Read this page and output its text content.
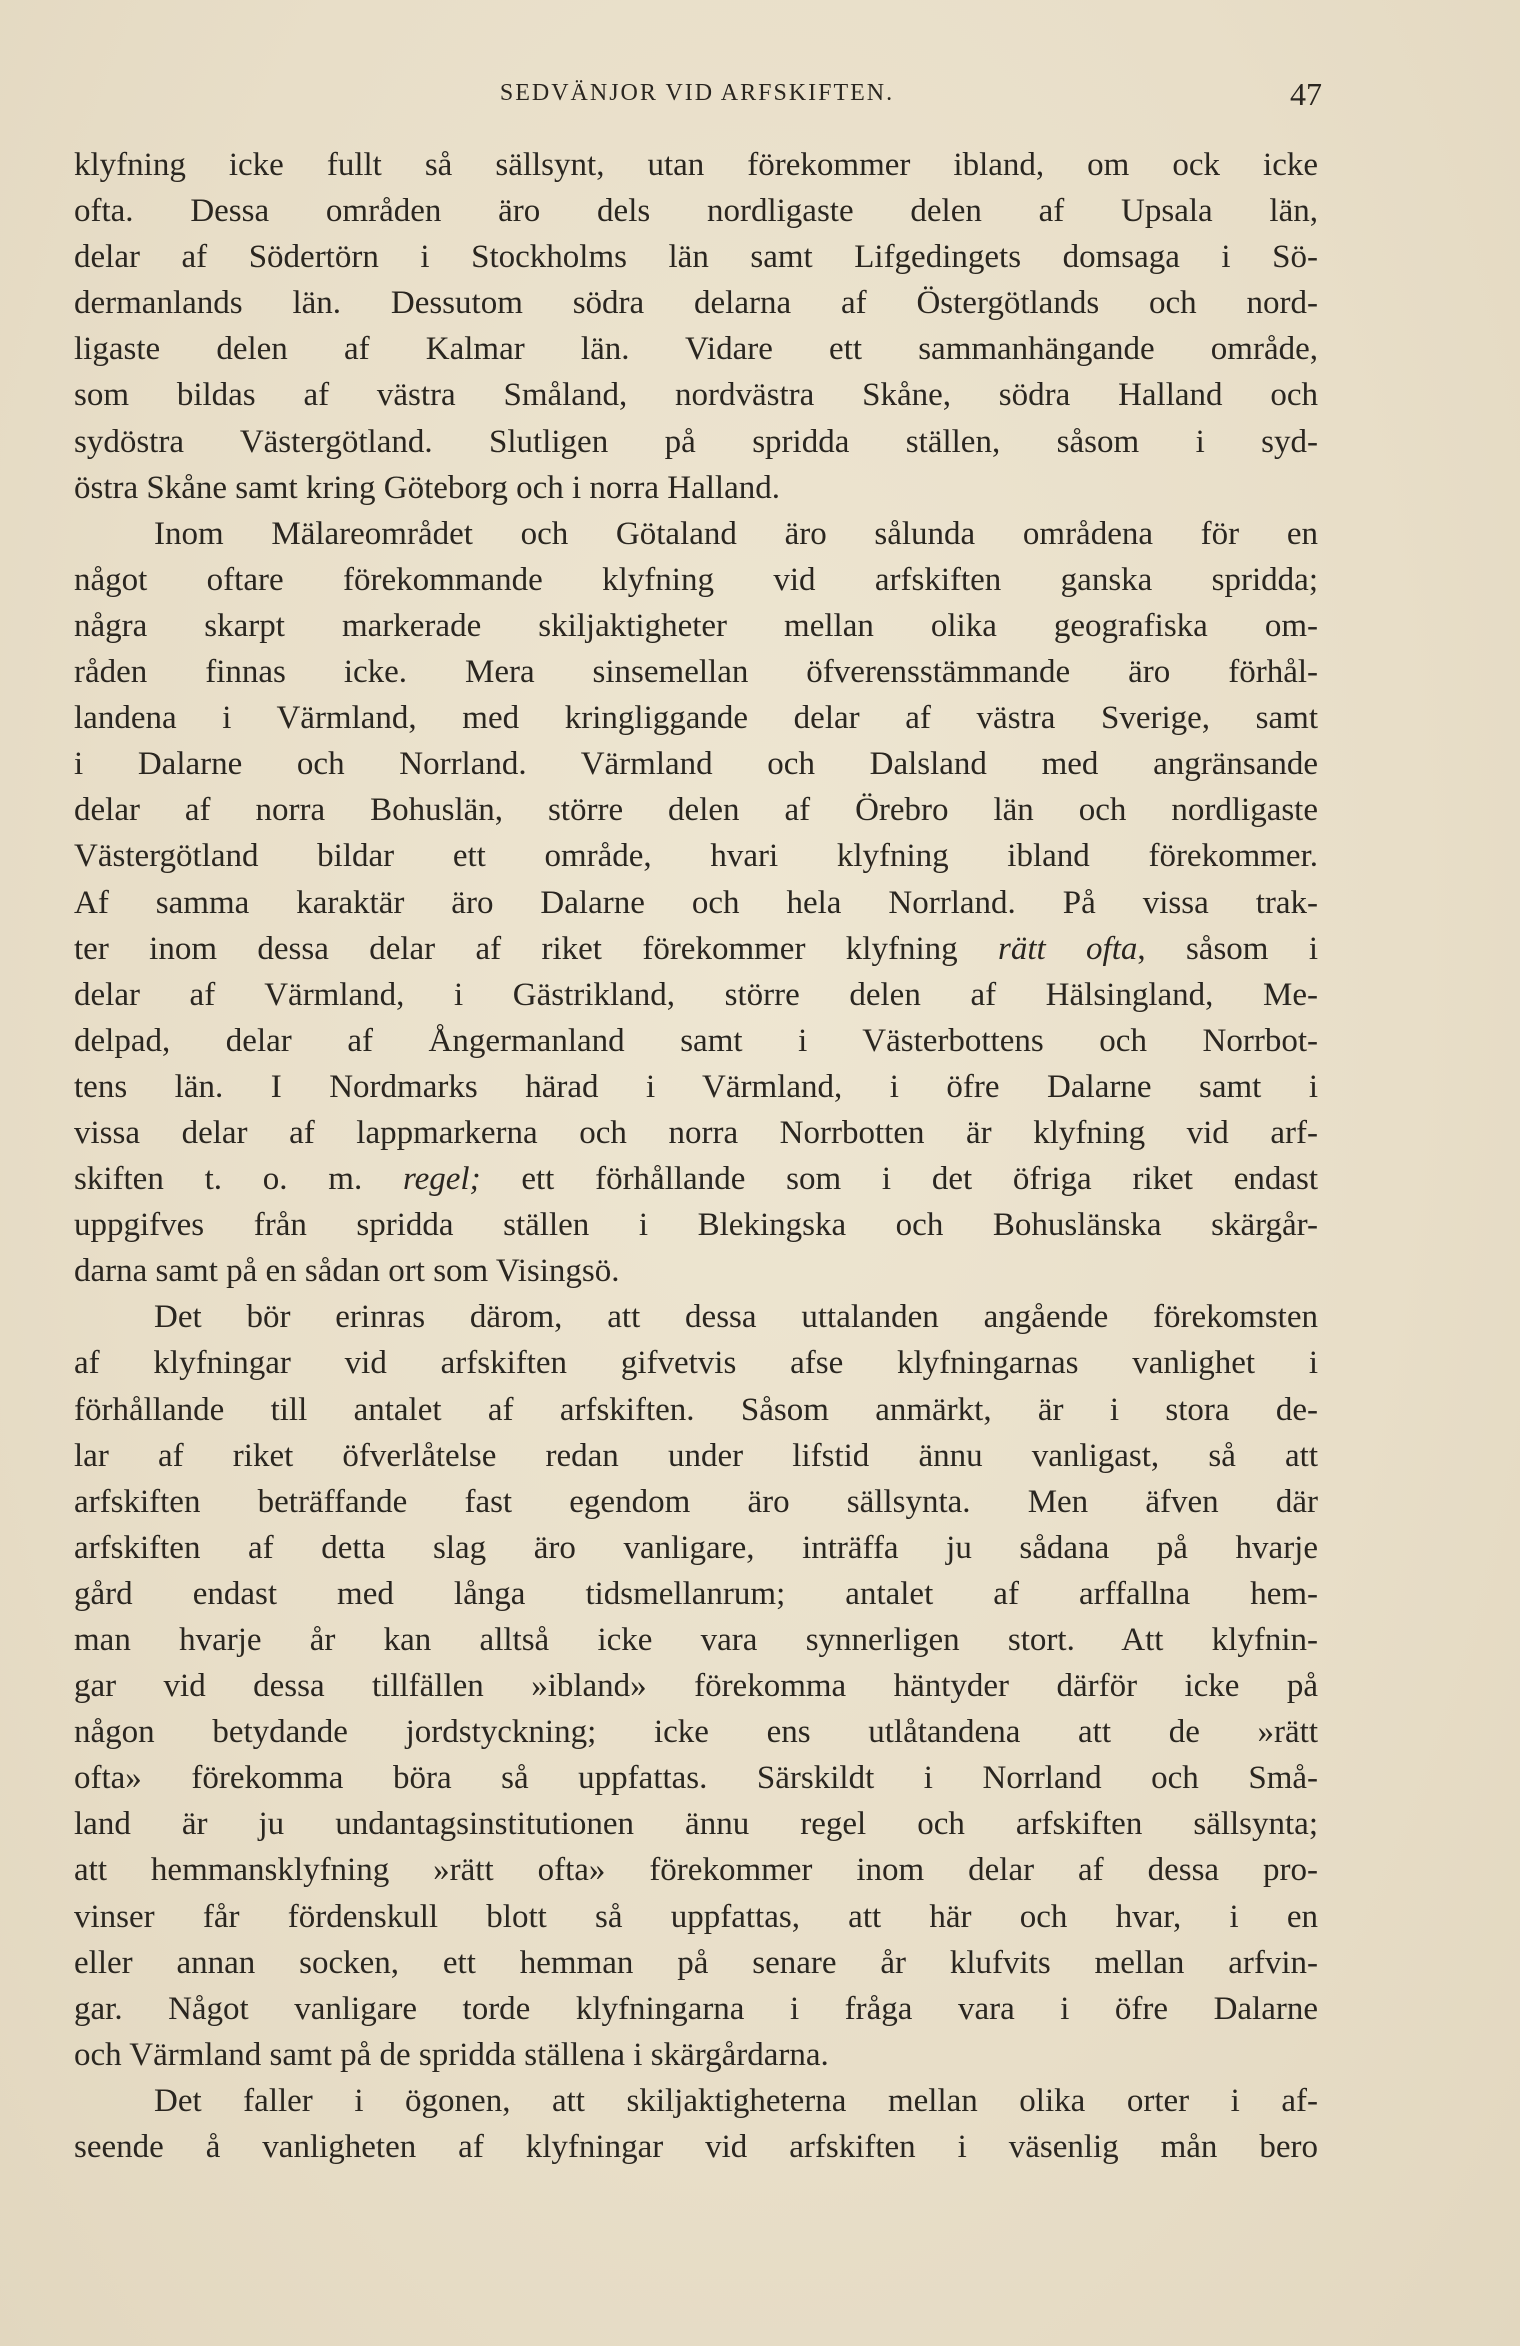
SEDVÄNJOR VID ARFSKIFTEN.	47
klyfning icke fullt så sällsynt, utan förekommer ibland, om ock icke
ofta. Dessa områden äro dels nordligaste delen af Upsala län,
delar af Södertörn i Stockholms län samt Lifgedingets domsaga i Sö-
dermanlands län. Dessutom södra delarna af Östergötlands och nord-
ligaste delen af Kalmar län. Vidare ett sammanhängande område,
som bildas af västra Småland, nordvästra Skåne, södra Halland och
sydöstra Västergötland. Slutligen på spridda ställen, såsom i syd-
östra Skåne samt kring Göteborg och i norra Halland.
Inom Mälareområdet och Götaland äro sålunda områdena för en
något oftare förekommande klyfning vid arfskiften ganska spridda;
några skarpt markerade skiljaktigheter mellan olika geografiska om-
råden finnas icke. Mera sinsemellan öfverensstämmande äro förhål-
landena i Värmland, med kringliggande delar af västra Sverige, samt
i Dalarne och Norrland. Värmland och Dalsland med angränsande
delar af norra Bohuslän, större delen af Örebro län och nordligaste
Västergötland bildar ett område, hvari klyfning ibland förekommer.
Af samma karaktär äro Dalarne och hela Norrland. På vissa trak-
ter inom dessa delar af riket förekommer klyfning rätt ofta, såsom i
delar af Värmland, i Gästrikland, större delen af Hälsingland, Me-
delpad, delar af Ångermanland samt i Västerbottens och Norrbot-
tens län. I Nordmarks härad i Värmland, i öfre Dalarne samt i
vissa delar af lappmarkerna och norra Norrbotten är klyfning vid arf-
skiften t. o. m. regel; ett förhållande som i det öfriga riket endast
uppgifves från spridda ställen i Blekingska och Bohuslänska skärgår-
darna samt på en sådan ort som Visingsö.
Det bör erinras därom, att dessa uttalanden angående förekomsten
af klyfningar vid arfskiften gifvetvis afse klyfningarnas vanlighet i
förhållande till antalet af arfskiften. Såsom anmärkt, är i stora de-
lar af riket öfverlåtelse redan under lifstid ännu vanligast, så att
arfskiften beträffande fast egendom äro sällsynta. Men äfven där
arfskiften af detta slag äro vanligare, inträffa ju sådana på hvarje
gård endast med långa tidsmellanrum; antalet af arffallna hem-
man hvarje år kan alltså icke vara synnerligen stort. Att klyfnin-
gar vid dessa tillfällen »ibland» förekomma häntyder därför icke på
någon betydande jordstyckning; icke ens utlåtandena att de »rätt
ofta» förekomma böra så uppfattas. Särskildt i Norrland och Små-
land är ju undantagsinstitutionen ännu regel och arfskiften sällsynta;
att hemmansklyfning »rätt ofta» förekommer inom delar af dessa pro-
vinser får fördenskull blott så uppfattas, att här och hvar, i en
eller annan socken, ett hemman på senare år klufvits mellan arfvin-
gar. Något vanligare torde klyfningarna i fråga vara i öfre Dalarne
och Värmland samt på de spridda ställena i skärgårdarna.
Det faller i ögonen, att skiljaktigheterna mellan olika orter i af-
seende å vanligheten af klyfningar vid arfskiften i väsenlig mån bero
